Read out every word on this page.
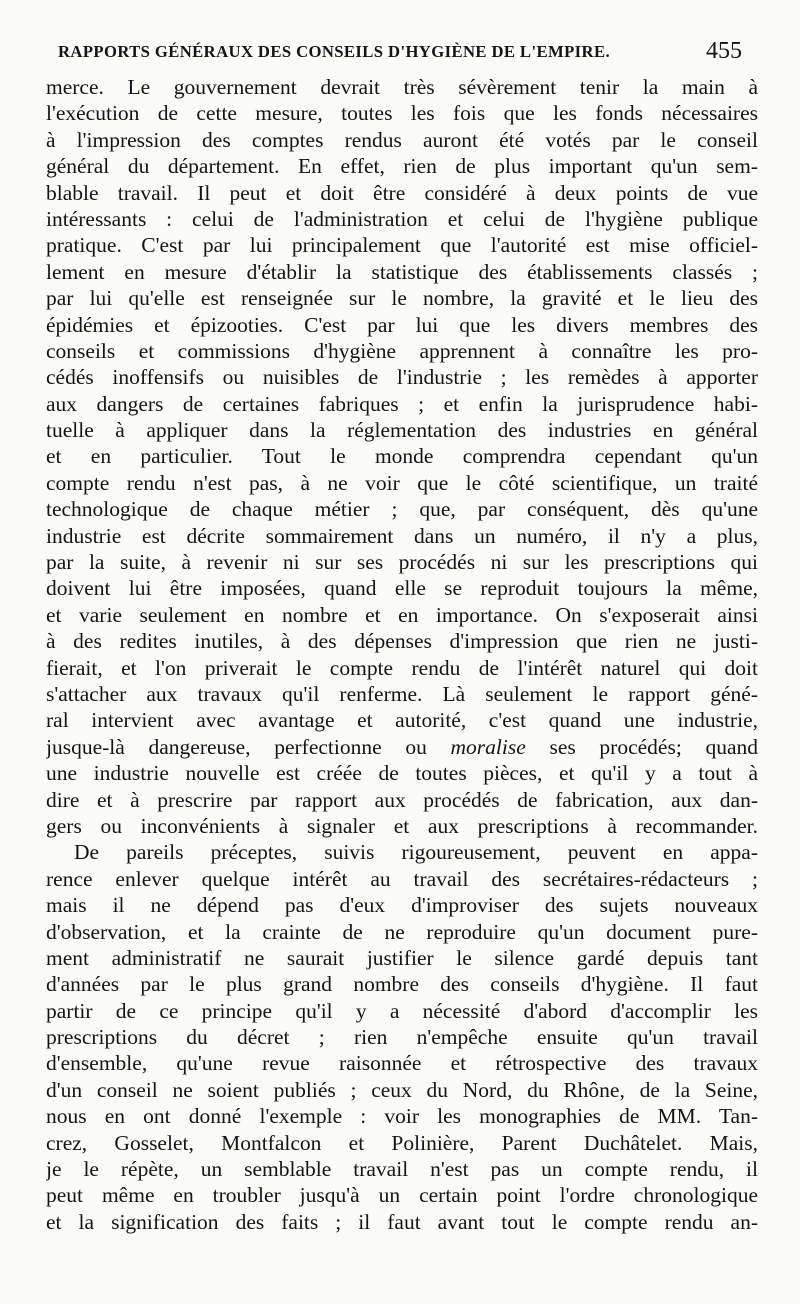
RAPPORTS GÉNÉRAUX DES CONSEILS D'HYGIÈNE DE L'EMPIRE.	455
merce. Le gouvernement devrait très sévèrement tenir la main à
l'exécution de cette mesure, toutes les fois que les fonds nécessaires
à l'impression des comptes rendus auront été votés par le conseil
général du département. En effet, rien de plus important qu'un sem-
blable travail. Il peut et doit être considéré à deux points de vue
intéressants : celui de l'administration et celui de l'hygiène publique
pratique. C'est par lui principalement que l'autorité est mise officiel-
lement en mesure d'établir la statistique des établissements classés ;
par lui qu'elle est renseignée sur le nombre, la gravité et le lieu des
épidémies et épizooties. C'est par lui que les divers membres des
conseils et commissions d'hygiène apprennent à connaître les pro-
cédés inoffensifs ou nuisibles de l'industrie ; les remèdes à apporter
aux dangers de certaines fabriques ; et enfin la jurisprudence habi-
tuelle à appliquer dans la réglementation des industries en général
et en particulier. Tout le monde comprendra cependant qu'un
compte rendu n'est pas, à ne voir que le côté scientifique, un traité
technologique de chaque métier ; que, par conséquent, dès qu'une
industrie est décrite sommairement dans un numéro, il n'y a plus,
par la suite, à revenir ni sur ses procédés ni sur les prescriptions qui
doivent lui être imposées, quand elle se reproduit toujours la même,
et varie seulement en nombre et en importance. On s'exposerait ainsi
à des redites inutiles, à des dépenses d'impression que rien ne justi-
fierait, et l'on priverait le compte rendu de l'intérêt naturel qui doit
s'attacher aux travaux qu'il renferme. Là seulement le rapport géné-
ral intervient avec avantage et autorité, c'est quand une industrie,
jusque-là dangereuse, perfectionne ou moralise ses procédés; quand
une industrie nouvelle est créée de toutes pièces, et qu'il y a tout à
dire et à prescrire par rapport aux procédés de fabrication, aux dan-
gers ou inconvénients à signaler et aux prescriptions à recommander.
De pareils préceptes, suivis rigoureusement, peuvent en appa-
rence enlever quelque intérêt au travail des secrétaires-rédacteurs ;
mais il ne dépend pas d'eux d'improviser des sujets nouveaux
d'observation, et la crainte de ne reproduire qu'un document pure-
ment administratif ne saurait justifier le silence gardé depuis tant
d'années par le plus grand nombre des conseils d'hygiène. Il faut
partir de ce principe qu'il y a nécessité d'abord d'accomplir les
prescriptions du décret ; rien n'empêche ensuite qu'un travail
d'ensemble, qu'une revue raisonnée et rétrospective des travaux
d'un conseil ne soient publiés ; ceux du Nord, du Rhône, de la Seine,
nous en ont donné l'exemple : voir les monographies de MM. Tan-
crez, Gosselet, Montfalcon et Polinière, Parent Duchâtelet. Mais,
je le répète, un semblable travail n'est pas un compte rendu, il
peut même en troubler jusqu'à un certain point l'ordre chronologique
et la signification des faits ; il faut avant tout le compte rendu an-
